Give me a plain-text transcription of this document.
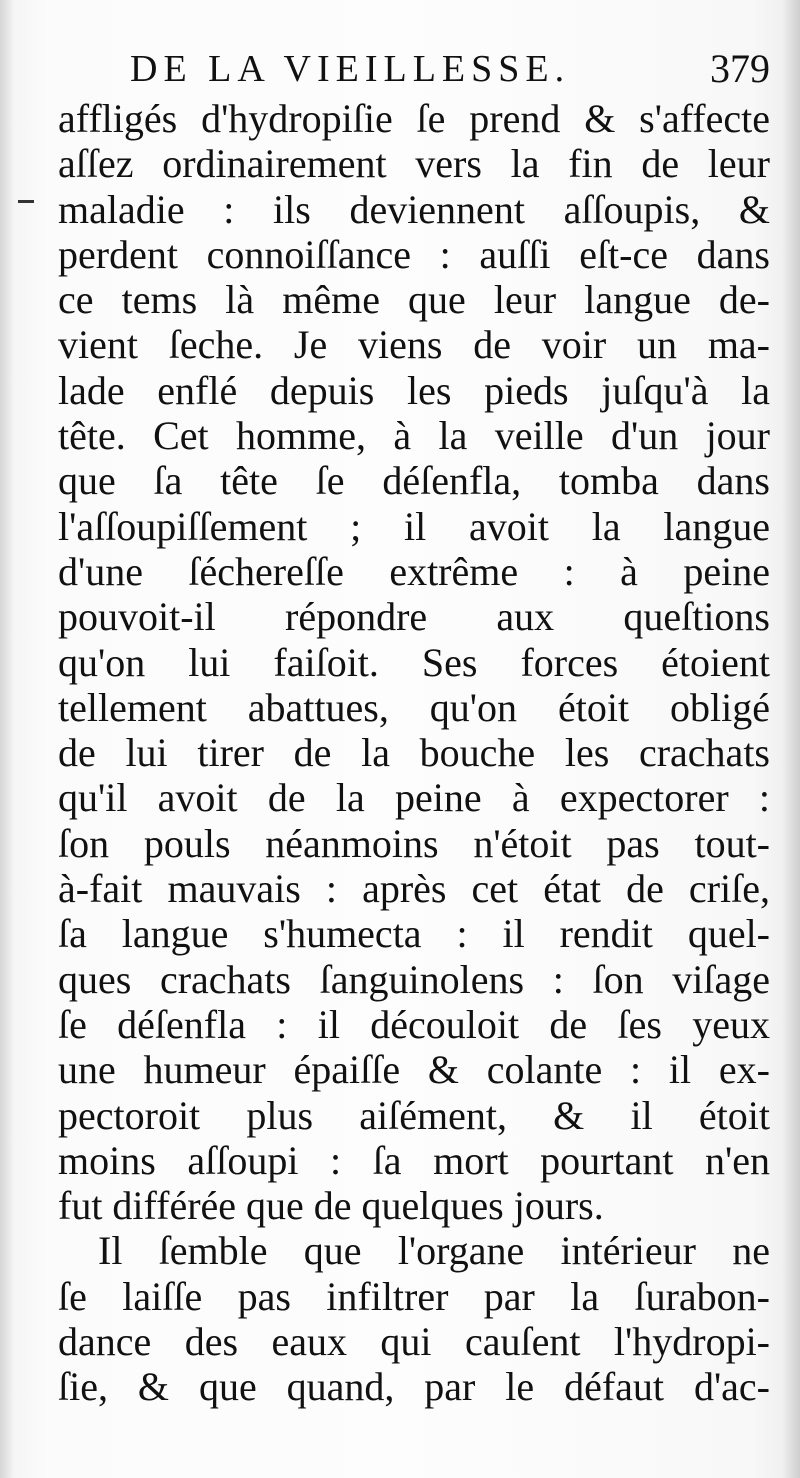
DE LA VIEILLESSE.	379
affligés d'hydropiſie ſe prend & s'affecte
aſſez ordinairement vers la fin de leur
maladie : ils deviennent aſſoupis, &
perdent connoiſſance : auſſi eſt-ce dans
ce tems là même que leur langue de-
vient ſeche. Je viens de voir un ma-
lade enflé depuis les pieds juſqu'à la
tête. Cet homme, à la veille d'un jour
que ſa tête ſe déſenfla, tomba dans
l'aſſoupiſſement ; il avoit la langue
d'une ſéchereſſe extrême : à peine
pouvoit-il répondre aux queſtions
qu'on lui faiſoit. Ses forces étoient
tellement abattues, qu'on étoit obligé
de lui tirer de la bouche les crachats
qu'il avoit de la peine à expectorer :
ſon pouls néanmoins n'étoit pas tout-
à-fait mauvais : après cet état de criſe,
ſa langue s'humecta : il rendit quel-
ques crachats ſanguinolens : ſon viſage
ſe déſenfla : il découloit de ſes yeux
une humeur épaiſſe & colante : il ex-
pectoroit plus aiſément, & il étoit
moins aſſoupi : ſa mort pourtant n'en
fut différée que de quelques jours.
Il ſemble que l'organe intérieur ne
ſe laiſſe pas infiltrer par la ſurabon-
dance des eaux qui cauſent l'hydropi-
ſie, & que quand, par le défaut d'ac-
